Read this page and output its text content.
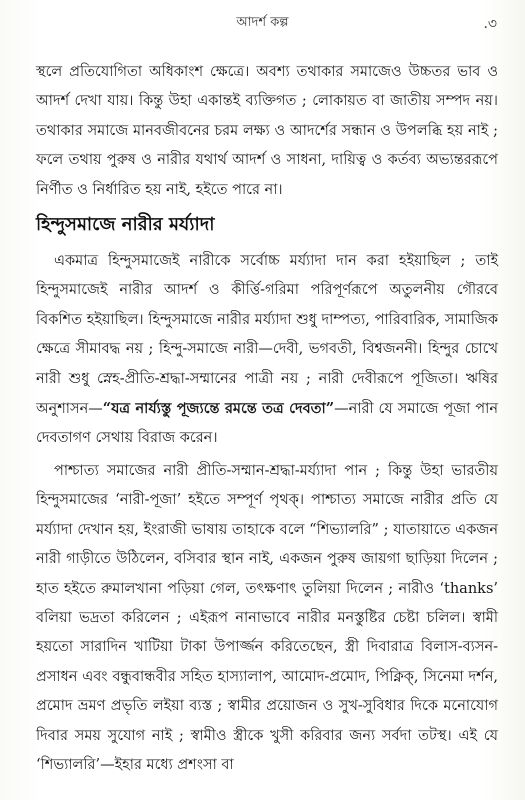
আদর্শ কল্প	.৩

স্থলে প্রতিযোগিতা অধিকাংশ ক্ষেত্রে। অবশ্য তথাকার সমাজেও উচ্চতর ভাব ও আদর্শ দেখা যায়। কিন্তু উহা একান্তই ব্যক্তিগত ; লোকায়ত বা জাতীয় সম্পদ নয়। তথাকার সমাজে মানবজীবনের চরম লক্ষ্য ও আদর্শের সন্ধান ও উপলব্ধি হয় নাই ; ফলে তথায় পুরুষ ও নারীর যথার্থ আদর্শ ও সাধনা, দায়িত্ব ও কর্তব্য অভ্যন্তররূপে নির্ণীত ও নির্ধারিত হয় নাই, হইতে পারে না।

হিন্দুসমাজে নারীর মর্য্যাদা

একমাত্র হিন্দুসমাজেই নারীকে সর্বোচ্চ মর্য্যাদা দান করা হইয়াছিল ; তাই হিন্দুসমাজেই নারীর আদর্শ ও কীর্ত্তি-গরিমা পরিপূর্ণরূপে অতুলনীয় গৌরবে বিকশিত হইয়াছিল। হিন্দুসমাজে নারীর মর্য্যাদা শুধু দাম্পত্য, পারিবারিক, সামাজিক ক্ষেত্রে সীমাবদ্ধ নয় ; হিন্দু-সমাজে নারী—দেবী, ভগবতী, বিশ্বজননী। হিন্দুর চোখে নারী শুধু স্নেহ-প্রীতি-শ্রদ্ধা-সম্মানের পাত্রী নয় ; নারী দেবীরূপে পূজিতা। ঋষির অনুশাসন—“যত্র নার্য্যস্তু পূজ্যন্তে রমন্তে তত্র দেবতা”—নারী যে সমাজে পূজা পান দেবতাগণ সেথায় বিরাজ করেন।

পাশ্চাত্য সমাজের নারী প্রীতি-সম্মান-শ্রদ্ধা-মর্য্যাদা পান ; কিন্তু উহা ভারতীয় হিন্দুসমাজের ‘নারী-পূজা’ হইতে সম্পূর্ণ পৃথক্। পাশ্চাত্য সমাজে নারীর প্রতি যে মর্য্যাদা দেখান হয়, ইংরাজী ভাষায় তাহাকে বলে “শিভ্যালরি” ; যাতায়াতে একজন নারী গাড়ীতে উঠিলেন, বসিবার স্থান নাই, একজন পুরুষ জায়গা ছাড়িয়া দিলেন ; হাত হইতে রুমালখানা পড়িয়া গেল, তৎক্ষণাৎ তুলিয়া দিলেন ; নারীও ‘thanks’ বলিয়া ভদ্রতা করিলেন ; এইরূপ নানাভাবে নারীর মনস্তুষ্টির চেষ্টা চলিল। স্বামী হয়তো সারাদিন খাটিয়া টাকা উপার্জ্জন করিতেছেন, স্ত্রী দিবারাত্র বিলাস-ব্যসন-প্রসাধন এবং বন্ধুবান্ধবীর সহিত হাস্যালাপ, আমোদ-প্রমোদ, পিক্নিক্, সিনেমা দর্শন, প্রমোদ ভ্রমণ প্রভৃতি লইয়া ব্যস্ত ; স্বামীর প্রয়োজন ও সুখ-সুবিধার দিকে মনোযোগ দিবার সময় সুযোগ নাই ; স্বামীও স্ত্রীকে খুসী করিবার জন্য সর্বদা তটস্থ। এই যে ‘শিভ্যালরি’—ইহার মধ্যে প্রশংসা বা
